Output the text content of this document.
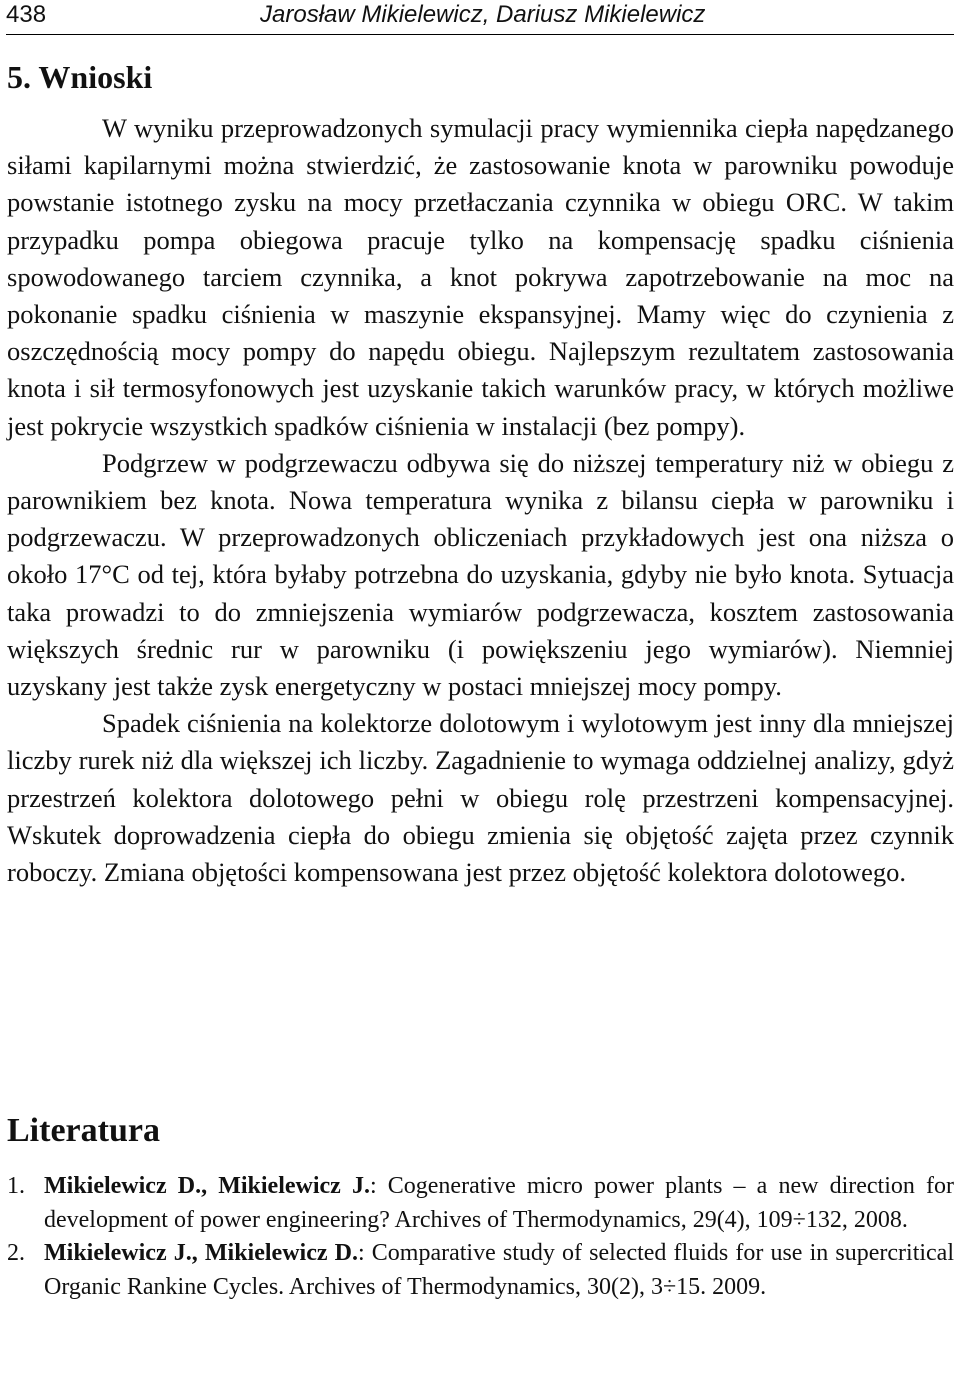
438	Jarosław Mikielewicz, Dariusz Mikielewicz
5. Wnioski

W wyniku przeprowadzonych symulacji pracy wymiennika ciepła napędzanego siłami kapilarnymi można stwierdzić, że zastosowanie knota w parowniku powoduje powstanie istotnego zysku na mocy przetłaczania czynnika w obiegu ORC. W takim przypadku pompa obiegowa pracuje tylko na kompensację spadku ciśnienia spowodowanego tarciem czynnika, a knot pokrywa zapotrzebowanie na moc na pokonanie spadku ciśnienia w maszynie ekspansyjnej. Mamy więc do czynienia z oszczędnością mocy pompy do napędu obiegu. Najlepszym rezultatem zastosowania knota i sił termosyfonowych jest uzyskanie takich warunków pracy, w których możliwe jest pokrycie wszystkich spadków ciśnienia w instalacji (bez pompy).

Podgrzew w podgrzewaczu odbywa się do niższej temperatury niż w obiegu z parownikiem bez knota. Nowa temperatura wynika z bilansu ciepła w parowniku i podgrzewaczu. W przeprowadzonych obliczeniach przykładowych jest ona niższa o około 17°C od tej, która byłaby potrzebna do uzyskania, gdyby nie było knota. Sytuacja taka prowadzi to do zmniejszenia wymiarów podgrzewacza, kosztem zastosowania większych średnic rur w parowniku (i powiększeniu jego wymiarów). Niemniej uzyskany jest także zysk energetyczny w postaci mniejszej mocy pompy.

Spadek ciśnienia na kolektorze dolotowym i wylotowym jest inny dla mniejszej liczby rurek niż dla większej ich liczby. Zagadnienie to wymaga oddzielnej analizy, gdyż przestrzeń kolektora dolotowego pełni w obiegu rolę przestrzeni kompensacyjnej. Wskutek doprowadzenia ciepła do obiegu zmienia się objętość zajęta przez czynnik roboczy. Zmiana objętości kompensowana jest przez objętość kolektora dolotowego.

Literatura
1. Mikielewicz D., Mikielewicz J.: Cogenerative micro power plants – a new direction for development of power engineering? Archives of Thermodynamics, 29(4), 109÷132, 2008.
2. Mikielewicz J., Mikielewicz D.: Comparative study of selected fluids for use in supercritical Organic Rankine Cycles. Archives of Thermodynamics, 30(2), 3÷15. 2009.
